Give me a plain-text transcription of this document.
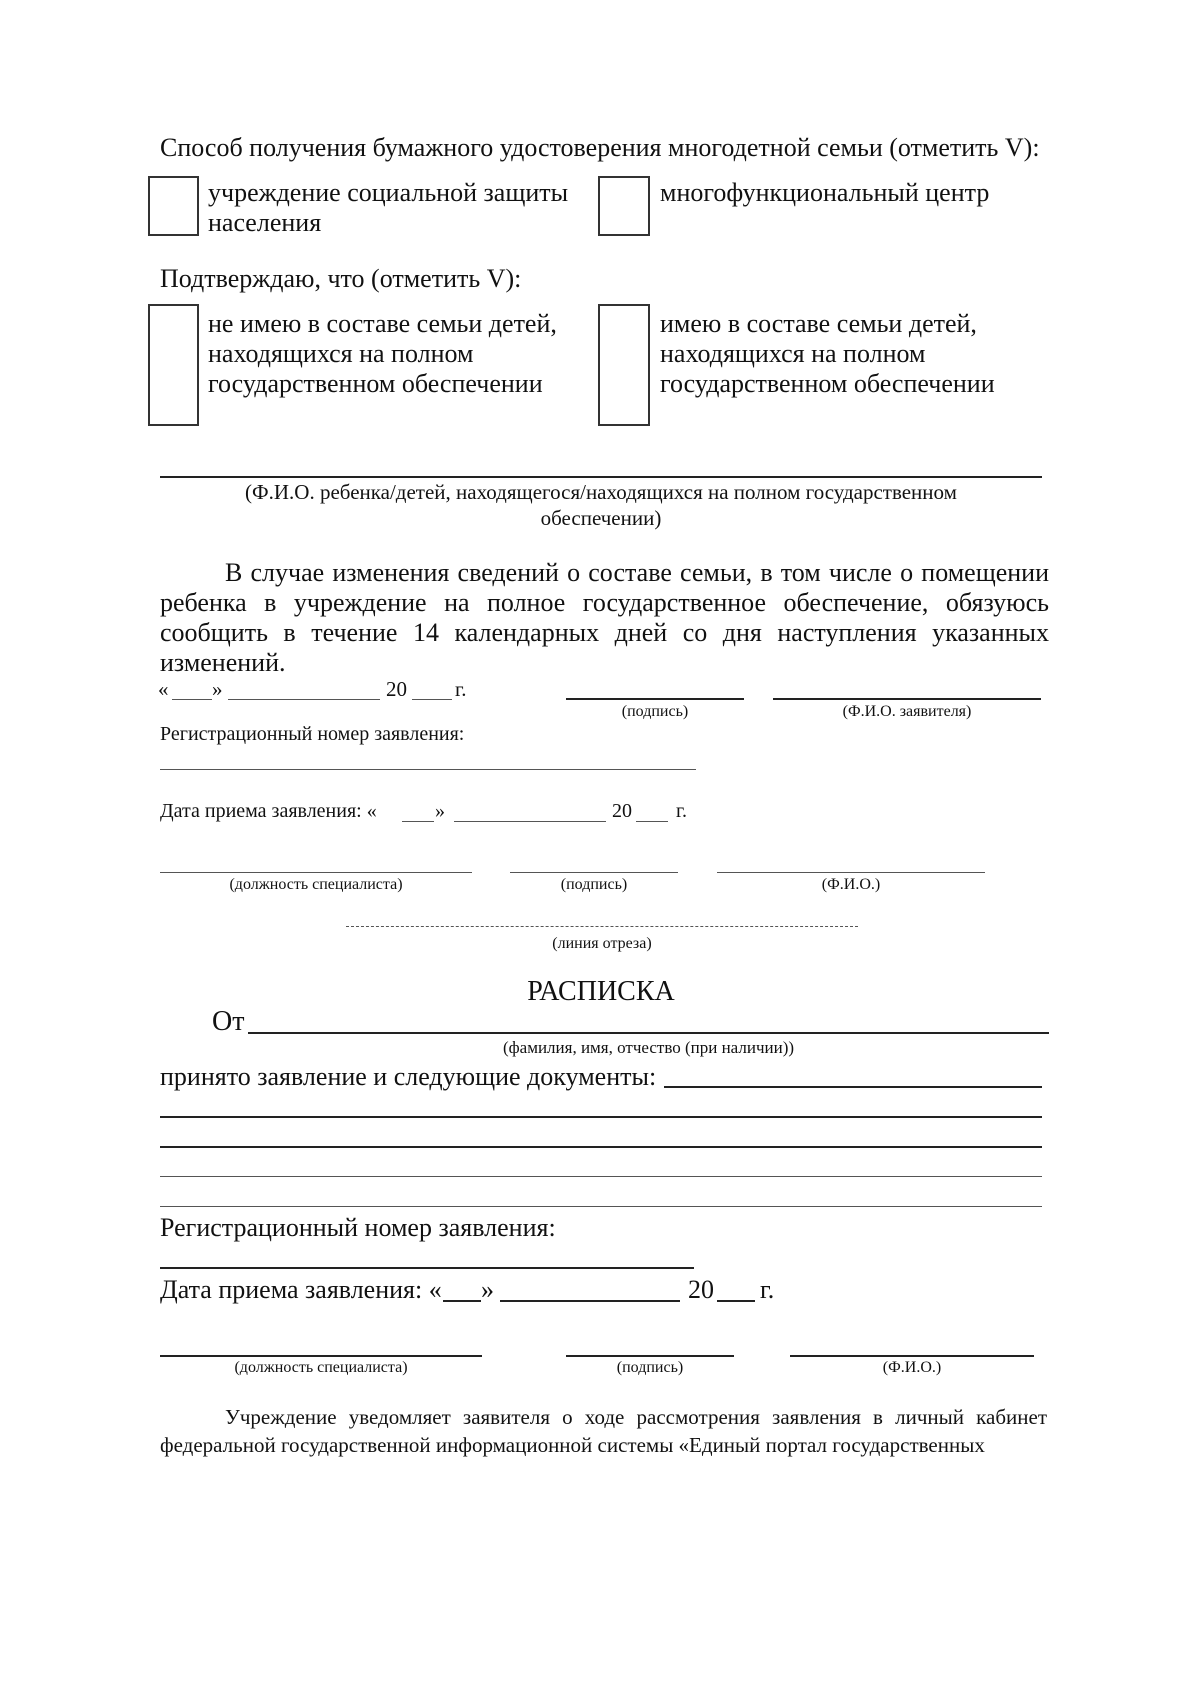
Способ получения бумажного удостоверения многодетной семьи (отметить V):

учреждение социальной защиты

населения

многофункциональный центр

Подтверждаю, что (отметить V):

не имею в составе семьи детей,

находящихся на полном

государственном обеспечении

имею в составе семьи детей,

находящихся на полном

государственном обеспечении

(Ф.И.О. ребенка/детей, находящегося/находящихся на полном государственном

обеспечении)

В случае изменения сведений о составе семьи, в том числе о помещении

ребенка в учреждение на полное государственное обеспечение, обязуюсь

сообщить в течение 14 календарных дней со дня наступления указанных

изменений.

« »	20 г.

(подпись)	(Ф.И.О. заявителя)

Регистрационный номер заявления:

Дата приема заявления: «	»	20 г.

(должность специалиста)	(подпись)	(Ф.И.О.)

(линия отреза)

РАСПИСКА

От

(фамилия, имя, отчество (при наличии))

принято заявление и следующие документы:

Регистрационный номер заявления:

Дата приема заявления: « »	20 г.

(должность специалиста)	(подпись)	(Ф.И.О.)

Учреждение уведомляет заявителя о ходе рассмотрения заявления в личный кабинет

федеральной государственной информационной системы «Единый портал государственных
